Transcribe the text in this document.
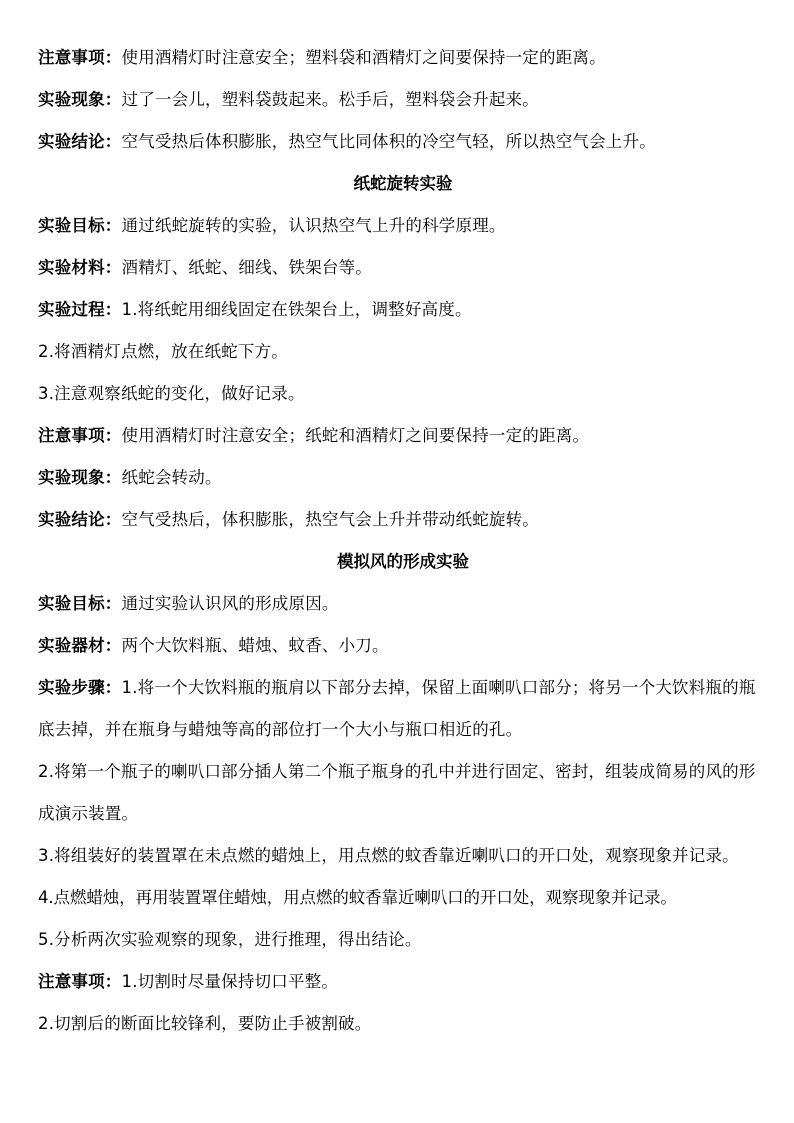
注意事项：使用酒精灯时注意安全；塑料袋和酒精灯之间要保持一定的距离。

实验现象：过了一会儿，塑料袋鼓起来。松手后，塑料袋会升起来。

实验结论：空气受热后体积膨胀，热空气比同体积的冷空气轻，所以热空气会上升。

纸蛇旋转实验

实验目标：通过纸蛇旋转的实验，认识热空气上升的科学原理。

实验材料：酒精灯、纸蛇、细线、铁架台等。

实验过程：1.将纸蛇用细线固定在铁架台上，调整好高度。

2.将酒精灯点燃，放在纸蛇下方。

3.注意观察纸蛇的变化，做好记录。

注意事项：使用酒精灯时注意安全；纸蛇和酒精灯之间要保持一定的距离。

实验现象：纸蛇会转动。

实验结论：空气受热后，体积膨胀，热空气会上升并带动纸蛇旋转。

模拟风的形成实验

实验目标：通过实验认识风的形成原因。

实验器材：两个大饮料瓶、蜡烛、蚊香、小刀。

实验步骤：1.将一个大饮料瓶的瓶肩以下部分去掉，保留上面喇叭口部分；将另一个大饮料瓶的瓶底去掉，并在瓶身与蜡烛等高的部位打一个大小与瓶口相近的孔。

2.将第一个瓶子的喇叭口部分插人第二个瓶子瓶身的孔中并进行固定、密封，组装成简易的风的形成演示装置。

3.将组装好的装置罩在未点燃的蜡烛上，用点燃的蚊香靠近喇叭口的开口处，观察现象并记录。

4.点燃蜡烛，再用装置罩住蜡烛，用点燃的蚊香靠近喇叭口的开口处，观察现象并记录。

5.分析两次实验观察的现象，进行推理，得出结论。

注意事项：1.切割时尽量保持切口平整。

2.切割后的断面比较锋利，要防止手被割破。
